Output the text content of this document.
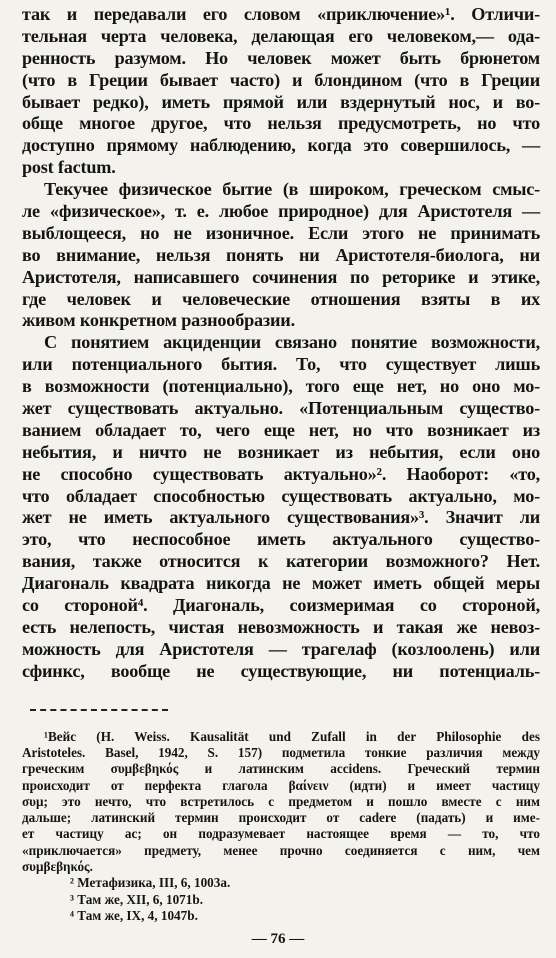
так и передавали его словом «приключение»¹. Отличи-
тельная черта человека, делающая его человеком,— ода-
ренность разумом. Но человек может быть брюнетом
(что в Греции бывает часто) и блондином (что в Греции
бывает редко), иметь прямой или вздернутый нос, и во-
обще многое другое, что нельзя предусмотреть, но что
доступно прямому наблюдению, когда это совершилось, —
post factum.
Текучее физическое бытие (в широком, греческом смыс-
ле «физическое», т. е. любое природное) для Аристотеля —
выблощееся, но не изоничное. Если этого не принимать
во внимание, нельзя понять ни Аристотеля-биолога, ни
Аристотеля, написавшего сочинения по реторике и этике,
где человек и человеческие отношения взяты в их
живом конкретном разнообразии.
С понятием акциденции связано понятие возможности,
или потенциального бытия. То, что существует лишь
в возможности (потенциально), того еще нет, но оно мо-
жет существовать актуально. «Потенциальным существо-
ванием обладает то, чего еще нет, но что возникает из
небытия, и ничто не возникает из небытия, если оно
не способно существовать актуально»². Наоборот: «то,
что обладает способностью существовать актуально, мо-
жет не иметь актуального существования»³. Значит ли
это, что неспособное иметь актуального существо-
вания, также относится к категории возможного? Нет.
Диагональ квадрата никогда не может иметь общей меры
со стороной⁴. Диагональ, соизмеримая со стороной,
есть нелепость, чистая невозможность и такая же невоз-
можность для Аристотеля — трагелаф (козлоолень) или
сфинкс, вообще не существующие, ни потенциаль-
¹Вейс (H. Weiss. Kausalität und Zufall in der Philosophie des
Aristoteles. Basel, 1942, S. 157) подметила тонкие различия между
греческим συμβεβηκός и латинским accidens. Греческий термин
происходит от перфекта глагола βαίνειν (идти) и имеет частицу
συμ; это нечто, что встретилось с предметом и пошло вместе с ним
дальше; латинский термин происходит от cadere (падать) и име-
ет частицу ac; он подразумевает настоящее время — то, что
«приключается» предмету, менее прочно соединяется с ним, чем
συμβεβηκός.
² Метафизика, III, 6, 1003a.
³ Там же, XII, 6, 1071b.
⁴ Там же, IX, 4, 1047b.
— 76 —
